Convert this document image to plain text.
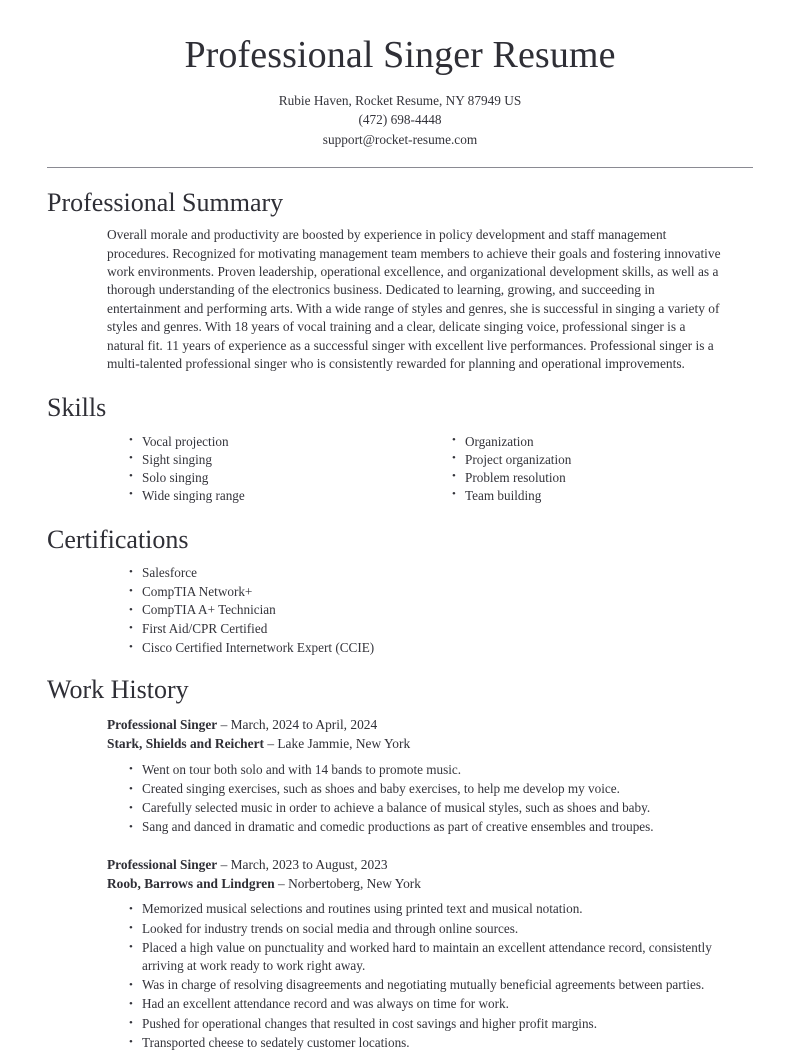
Professional Singer Resume
Rubie Haven, Rocket Resume, NY 87949 US
(472) 698-4448
support@rocket-resume.com
Professional Summary

Overall morale and productivity are boosted by experience in policy development and staff management procedures. Recognized for motivating management team members to achieve their goals and fostering innovative work environments. Proven leadership, operational excellence, and organizational development skills, as well as a thorough understanding of the electronics business. Dedicated to learning, growing, and succeeding in entertainment and performing arts. With a wide range of styles and genres, she is successful in singing a variety of styles and genres. With 18 years of vocal training and a clear, delicate singing voice, professional singer is a natural fit. 11 years of experience as a successful singer with excellent live performances. Professional singer is a multi-talented professional singer who is consistently rewarded for planning and operational improvements.

Skills
• Vocal projection
• Sight singing
• Solo singing
• Wide singing range
• Organization
• Project organization
• Problem resolution
• Team building
Certifications
• Salesforce
• CompTIA Network+
• CompTIA A+ Technician
• First Aid/CPR Certified
• Cisco Certified Internetwork Expert (CCIE)
Work History
Professional Singer – March, 2024 to April, 2024
Stark, Shields and Reichert – Lake Jammie, New York
• Went on tour both solo and with 14 bands to promote music.
• Created singing exercises, such as shoes and baby exercises, to help me develop my voice.
• Carefully selected music in order to achieve a balance of musical styles, such as shoes and baby.
• Sang and danced in dramatic and comedic productions as part of creative ensembles and troupes.
Professional Singer – March, 2023 to August, 2023
Roob, Barrows and Lindgren – Norbertoberg, New York
• Memorized musical selections and routines using printed text and musical notation.
• Looked for industry trends on social media and through online sources.
• Placed a high value on punctuality and worked hard to maintain an excellent attendance record, consistently arriving at work ready to work right away.
• Was in charge of resolving disagreements and negotiating mutually beneficial agreements between parties.
• Had an excellent attendance record and was always on time for work.
• Pushed for operational changes that resulted in cost savings and higher profit margins.
• Transported cheese to sedately customer locations.
